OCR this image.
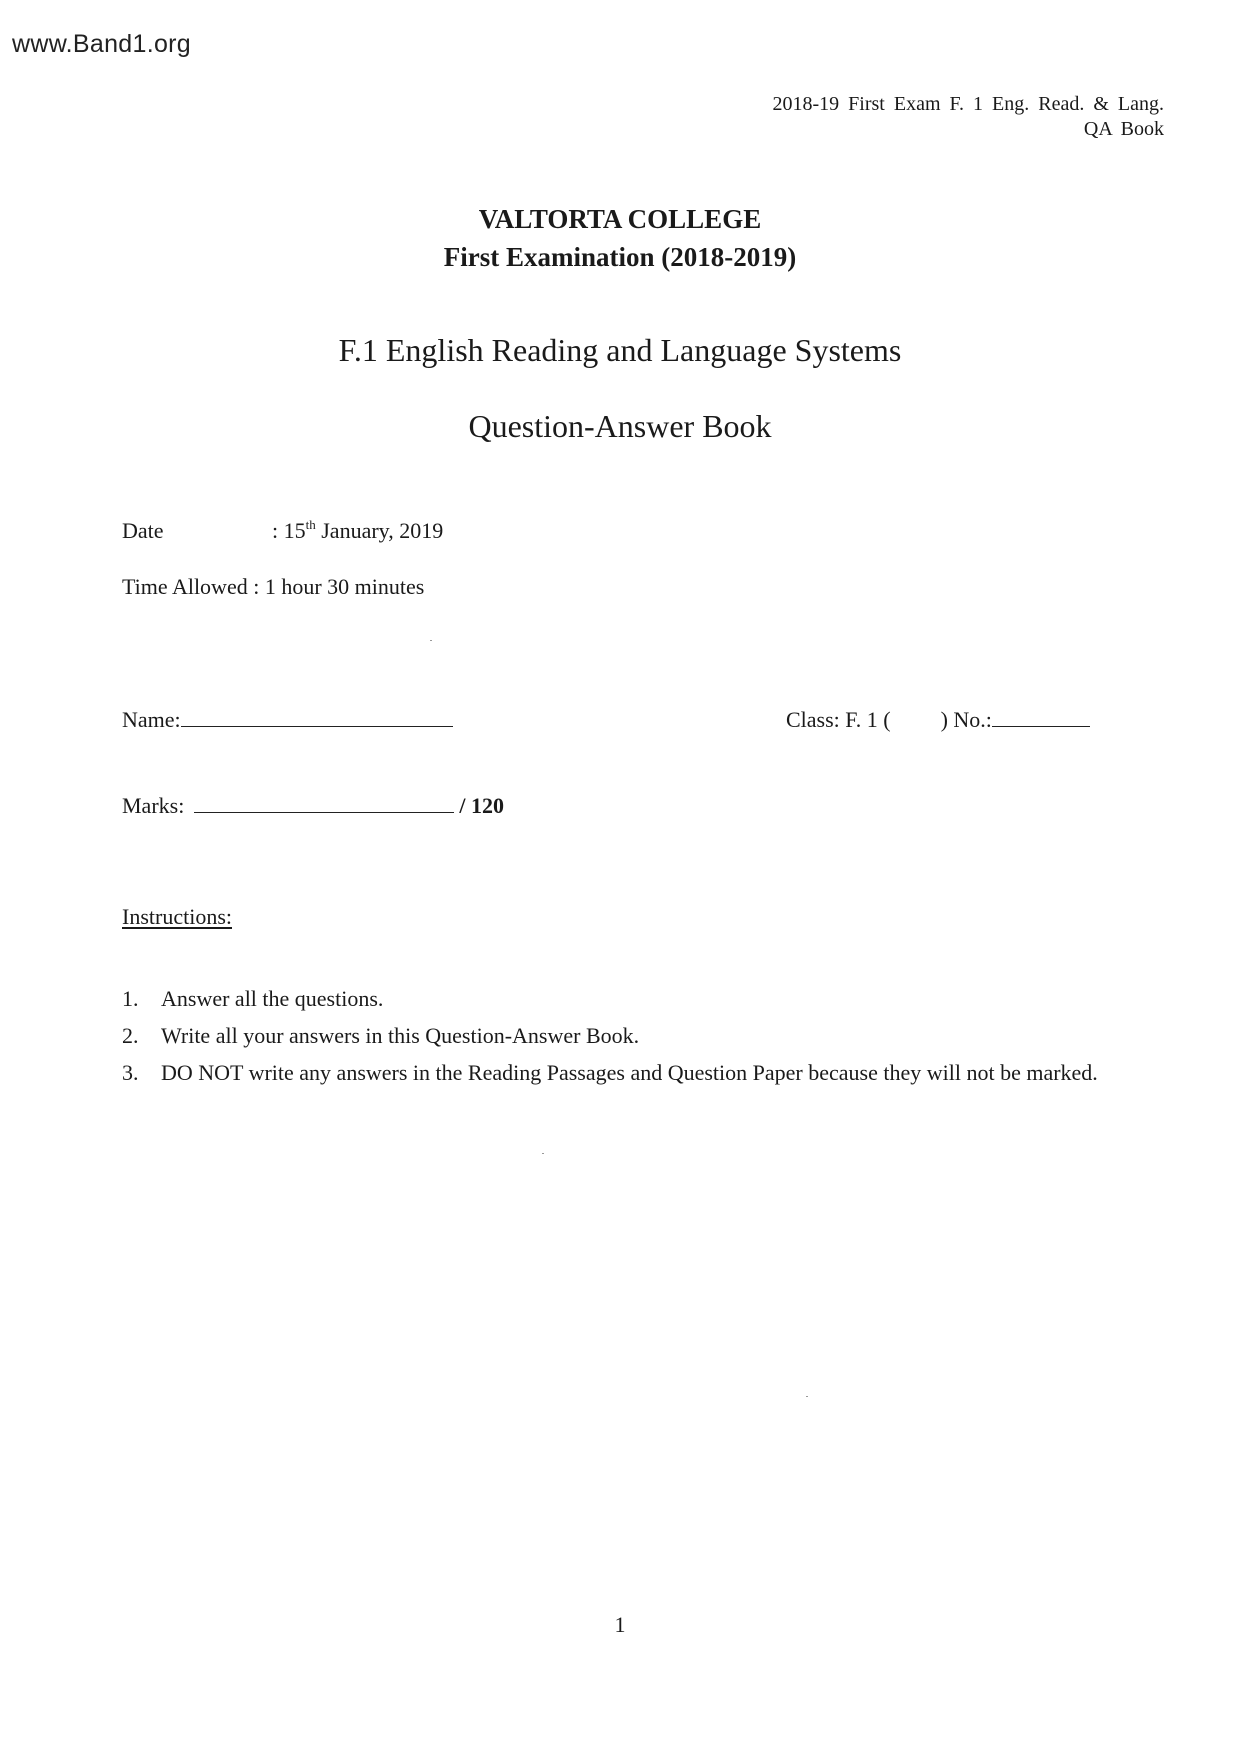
www.Band1.org
2018-19 First Exam F. 1 Eng. Read. & Lang.
QA Book
VALTORTA COLLEGE
First Examination (2018-2019)
F.1 English Reading and Language Systems
Question-Answer Book
Date	: 15th January, 2019
Time Allowed : 1 hour 30 minutes
Name:	Class: F. 1 ( ) No.:
Marks:	/ 120
Instructions:
1.	Answer all the questions.
2.	Write all your answers in this Question-Answer Book.
3.	DO NOT write any answers in the Reading Passages and Question Paper because they will not be marked.
1
